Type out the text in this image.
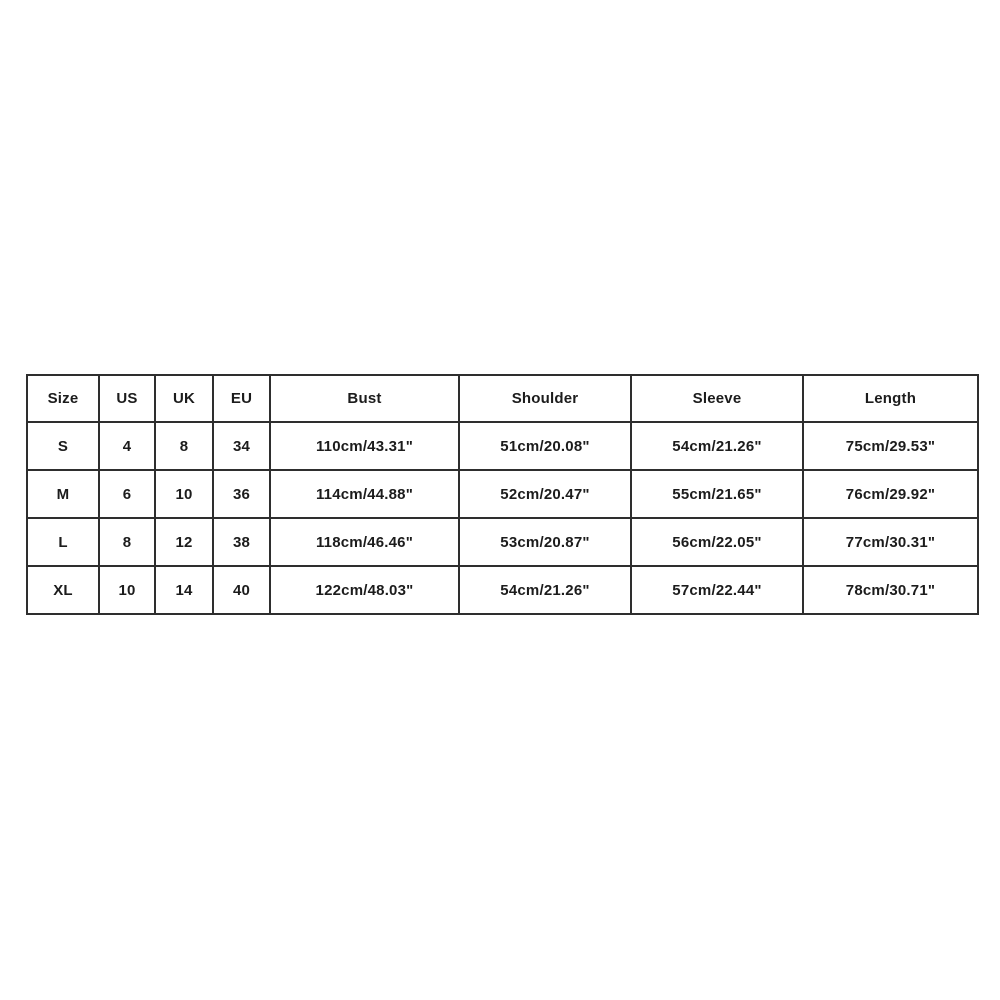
Size	US	UK	EU	Bust	Shoulder	Sleeve	Length
S	4	8	34	110cm/43.31"	51cm/20.08"	54cm/21.26"	75cm/29.53"
M	6	10	36	114cm/44.88"	52cm/20.47"	55cm/21.65"	76cm/29.92"
L	8	12	38	118cm/46.46"	53cm/20.87"	56cm/22.05"	77cm/30.31"
XL	10	14	40	122cm/48.03"	54cm/21.26"	57cm/22.44"	78cm/30.71"
